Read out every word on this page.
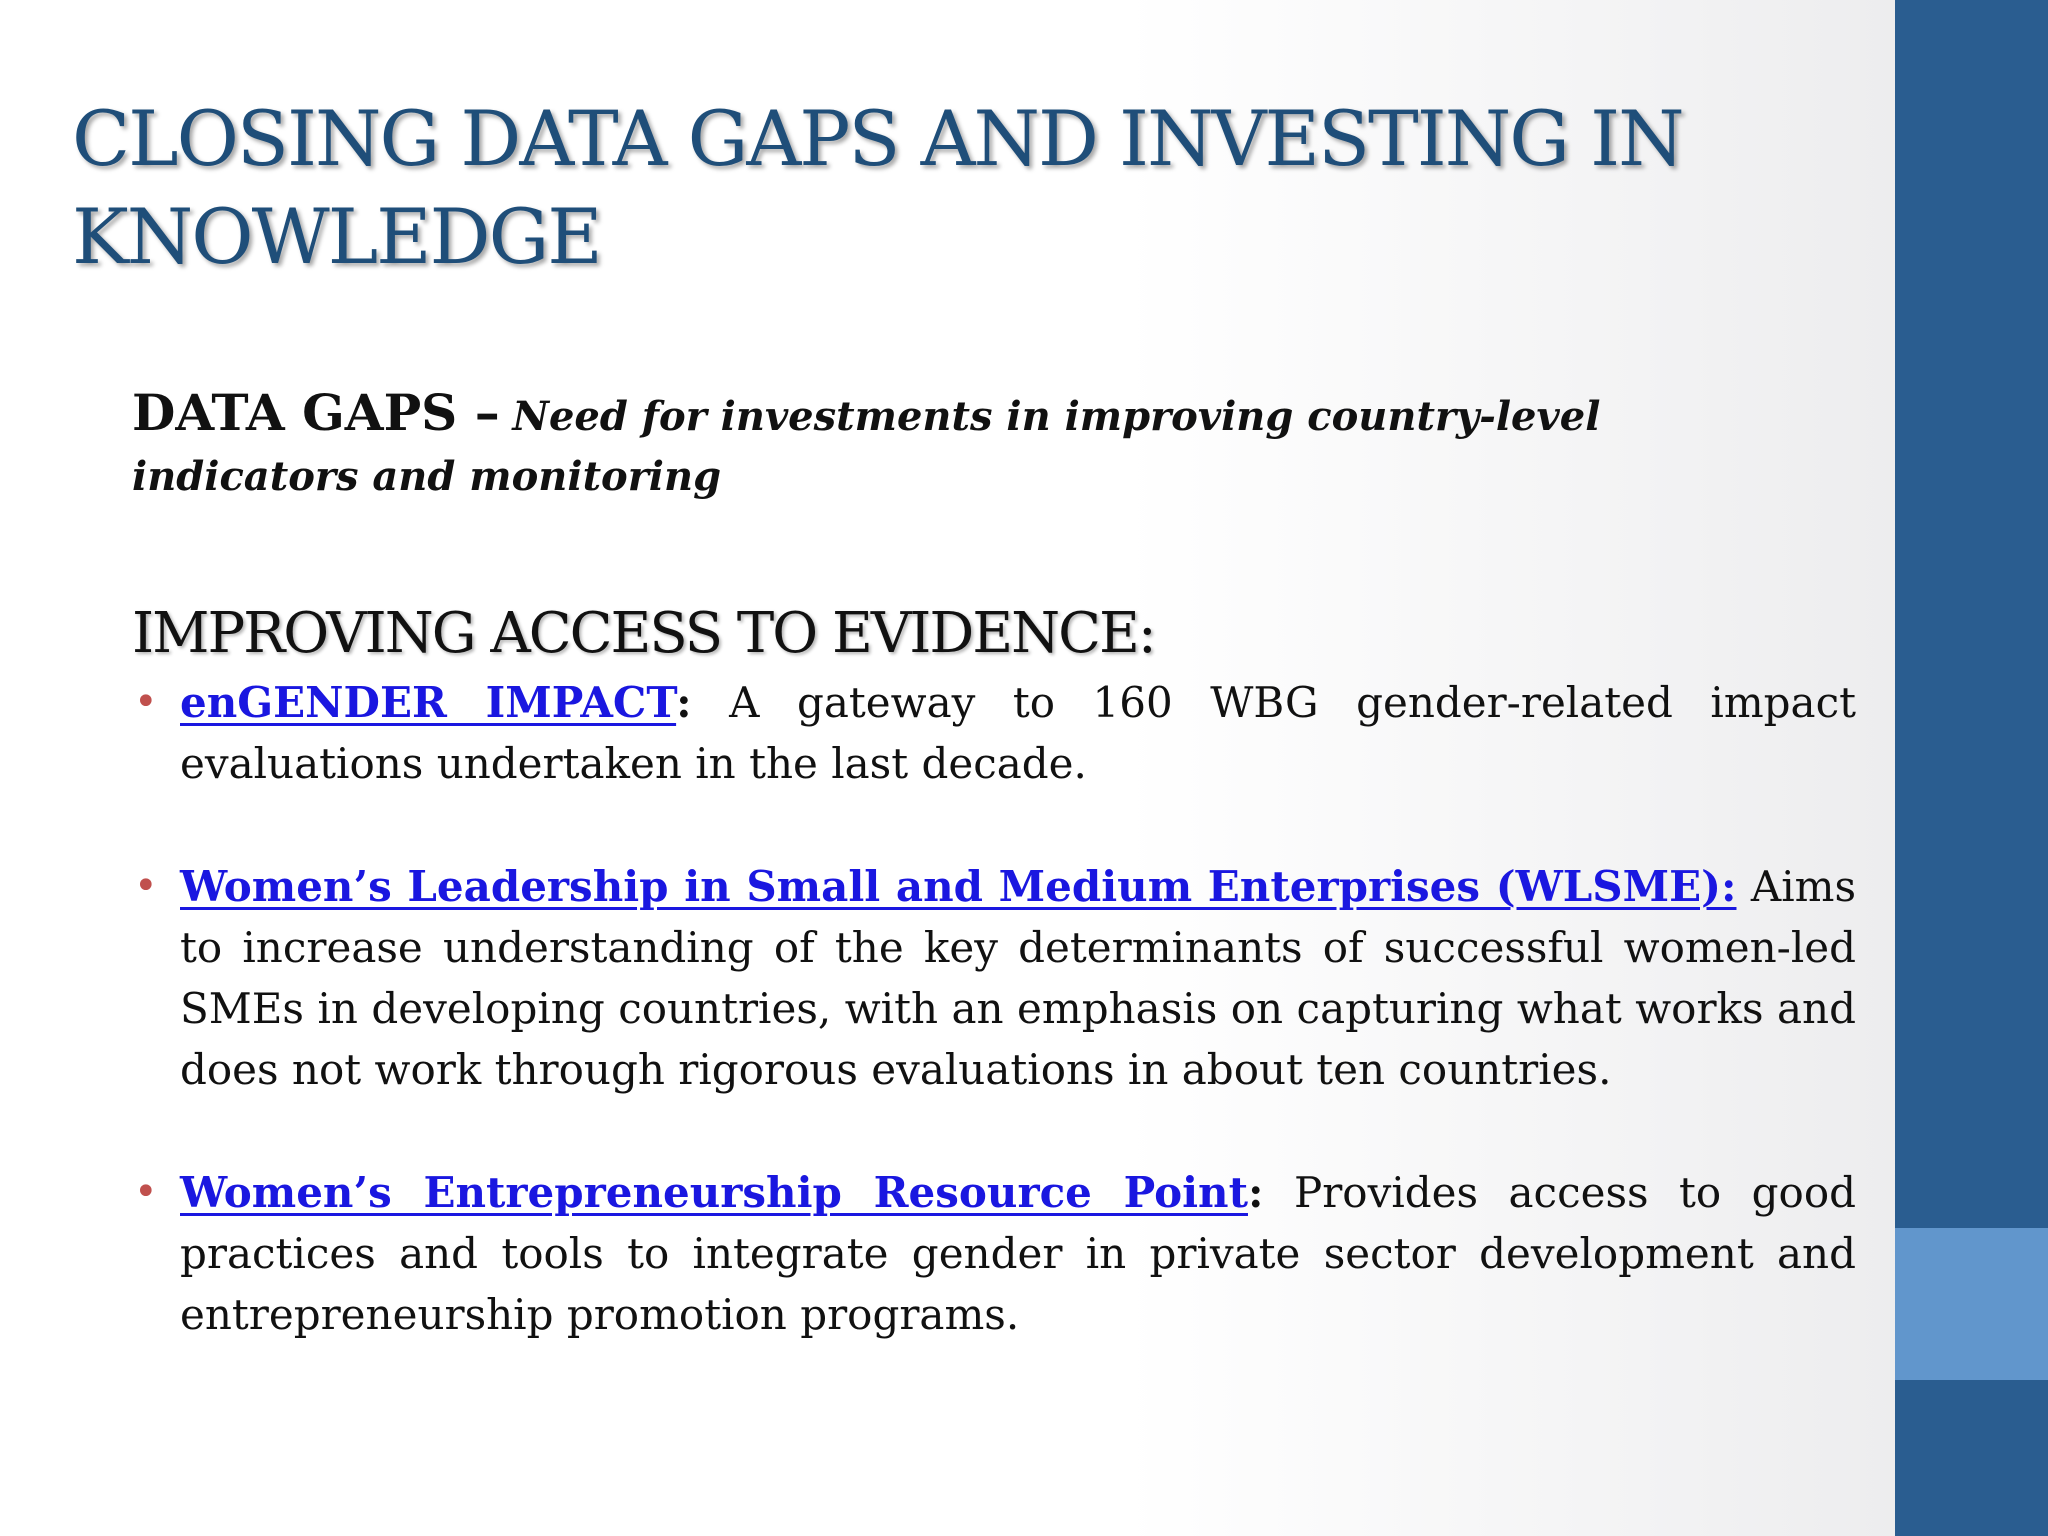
CLOSING DATA GAPS AND INVESTING IN
KNOWLEDGE

DATA GAPS – Need for investments in improving country-level indicators and monitoring

IMPROVING ACCESS TO EVIDENCE:
• enGENDER IMPACT: A gateway to 160 WBG gender-related impact evaluations undertaken in the last decade.
• Women’s Leadership in Small and Medium Enterprises (WLSME): Aims to increase understanding of the key determinants of successful women-led SMEs in developing countries, with an emphasis on capturing what works and does not work through rigorous evaluations in about ten countries.
• Women’s Entrepreneurship Resource Point: Provides access to good practices and tools to integrate gender in private sector development and entrepreneurship promotion programs.
